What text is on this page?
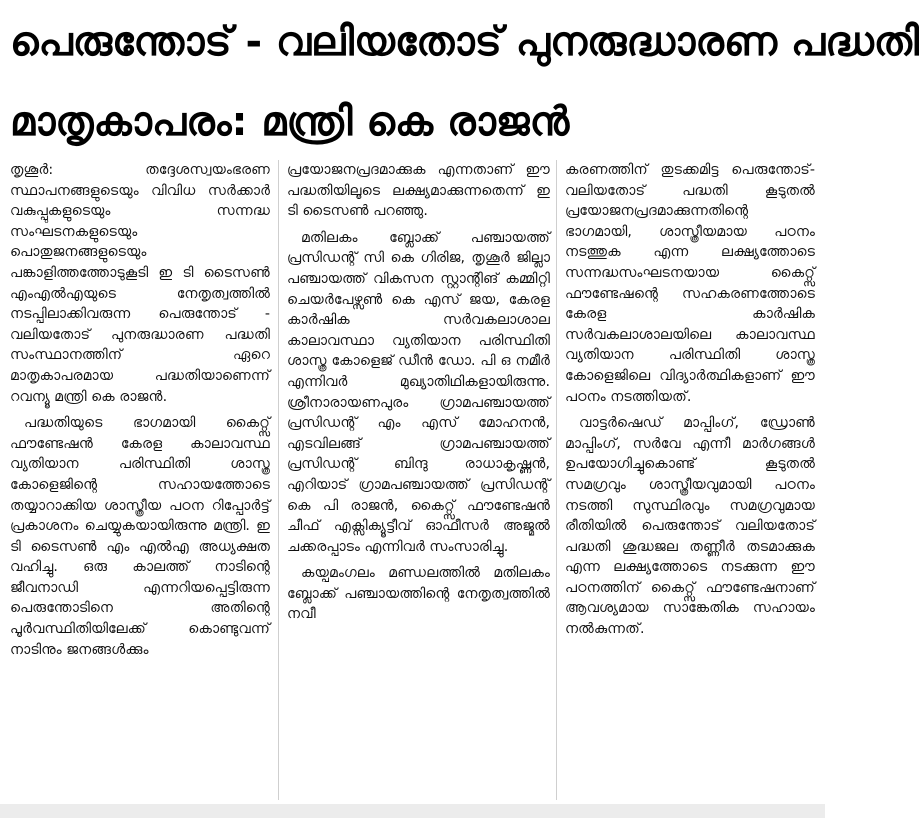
പെരുന്തോട് - വലിയതോട് പുനരുദ്ധാരണ പദ്ധതി
മാതൃകാപരം: മന്ത്രി കെ രാജൻ

തൃശൂർ: തദ്ദേശസ്വയംഭരണ സ്ഥാപനങ്ങളുടെയും വിവിധ സർക്കാർ വകുപ്പുകളുടെയും സന്നദ്ധ സംഘടനകളുടെയും പൊതുജനങ്ങളുടെയും പങ്കാളിത്തത്തോടുകൂടി ഇ ടി ടൈസൺ എംഎൽഎയുടെ നേതൃത്വത്തിൽ നടപ്പിലാക്കിവരുന്ന പെരുന്തോട് - വലിയതോട് പുനരുദ്ധാരണ പദ്ധതി സംസ്ഥാനത്തിന് ഏറെ മാതൃകാപരമായ പദ്ധതിയാണെന്ന് റവന്യൂ മന്ത്രി കെ രാജൻ.

പദ്ധതിയുടെ ഭാഗമായി കൈറ്റ്സ് ഫൗണ്ടേഷൻ കേരള കാലാവസ്ഥ വ്യതിയാന പരിസ്ഥിതി ശാസ്ത്ര കോളെജിന്റെ സഹായത്തോടെ തയ്യാറാക്കിയ ശാസ്ത്രീയ പഠന റിപ്പോർട്ട് പ്രകാശനം ചെയ്യുകയായിരുന്നു മന്ത്രി. ഇ ടി ടൈസൺ എം എൽഎ അധ്യക്ഷത വഹിച്ചു. ഒരു കാലത്ത് നാടിന്റെ ജീവനാഡി എന്നറിയപ്പെട്ടിരുന്ന പെരുന്തോടിനെ അതിന്റെ പൂർവസ്ഥിതിയിലേക്ക് കൊണ്ടുവന്ന് നാടിനും ജനങ്ങൾക്കും

പ്രയോജനപ്രദമാക്കുക എന്നതാണ് ഈ പദ്ധതിയിലൂടെ ലക്ഷ്യമാക്കുന്നതെന്ന് ഇ ടി ടൈസൺ പറഞ്ഞു.

മതിലകം ബ്ലോക്ക് പഞ്ചായത്ത് പ്രസിഡന്റ് സി കെ ഗിരിജ, തൃശൂർ ജില്ലാ പഞ്ചായത്ത് വികസന സ്റ്റാന്റിങ് കമ്മിറ്റി ചെയർപേഴ്സൺ കെ എസ് ജയ, കേരള കാർഷിക സർവകലാശാല കാലാവസ്ഥാ വ്യതിയാന പരിസ്ഥിതി ശാസ്ത്ര കോളെജ് ഡീൻ ഡോ. പി ഒ നമീർ എന്നിവർ മുഖ്യാതിഥികളായിരുന്നു. ശ്രീനാരായണപുരം ഗ്രാമപഞ്ചായത്ത് പ്രസിഡന്റ് എം എസ് മോഹനൻ, എടവിലങ്ങ് ഗ്രാമപഞ്ചായത്ത് പ്രസിഡന്റ് ബിന്ദു രാധാകൃഷ്ണൻ, എറിയാട് ഗ്രാമപഞ്ചായത്ത് പ്രസിഡന്റ് കെ പി രാജൻ, കൈറ്റ്സ് ഫൗണ്ടേഷൻ ചീഫ് എക്സിക്യൂട്ടീവ് ഓഫീസർ അജ്മൽ ചക്കരപ്പാടം എന്നിവർ സംസാരിച്ചു.

കയ്പമംഗലം മണ്ഡലത്തിൽ മതിലകം ബ്ലോക്ക് പഞ്ചായത്തിന്റെ നേതൃത്വത്തിൽ നവീ

കരണത്തിന് തുടക്കമിട്ട പെരുന്തോട്-വലിയതോട് പദ്ധതി കൂടുതൽ പ്രയോജനപ്രദമാക്കുന്നതിന്റെ ഭാഗമായി, ശാസ്ത്രീയമായ പഠനം നടത്തുക എന്ന ലക്ഷ്യത്തോടെ സന്നദ്ധസംഘടനയായ കൈറ്റ്സ് ഫൗണ്ടേഷന്റെ സഹകരണത്തോടെ കേരള കാർഷിക സർവകലാശാലയിലെ കാലാവസ്ഥ വ്യതിയാന പരിസ്ഥിതി ശാസ്ത്ര കോളെജിലെ വിദ്യാർത്ഥികളാണ് ഈ പഠനം നടത്തിയത്.

വാട്ടർഷെഡ് മാപ്പിംഗ്, ഡ്രോൺ മാപ്പിംഗ്, സർവേ എന്നീ മാർഗങ്ങൾ ഉപയോഗിച്ചുകൊണ്ട് കൂടുതൽ സമഗ്രവും ശാസ്ത്രീയവുമായി പഠനം നടത്തി സുസ്ഥിരവും സമഗ്രവുമായ രീതിയിൽ പെരുന്തോട് വലിയതോട് പദ്ധതി ശുദ്ധജല തണ്ണീർ തടമാക്കുക എന്ന ലക്ഷ്യത്തോടെ നടക്കുന്ന ഈ പഠനത്തിന് കൈറ്റ്സ് ഫൗണ്ടേഷനാണ് ആവശ്യമായ സാങ്കേതിക സഹായം നൽകുന്നത്.
